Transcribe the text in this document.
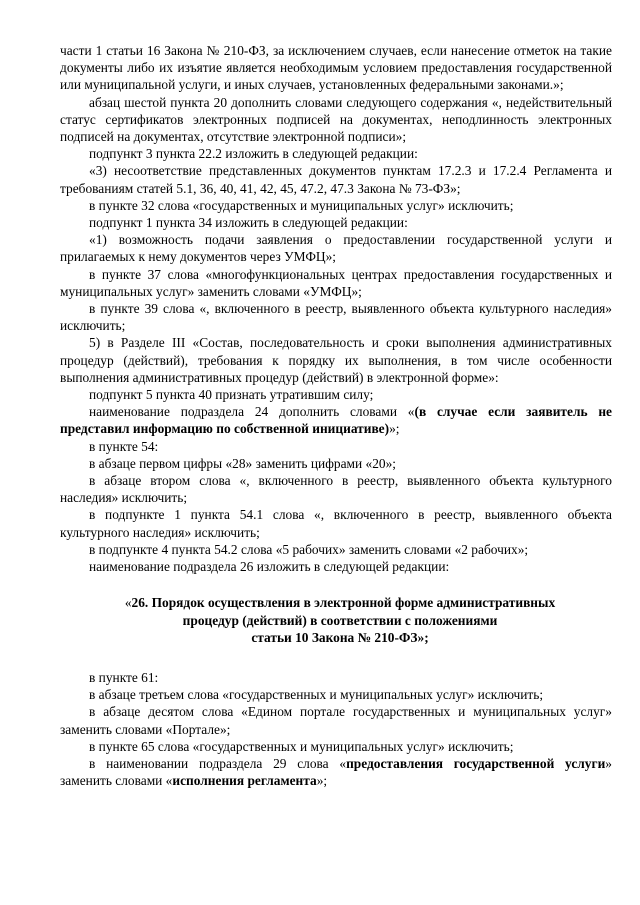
части 1 статьи 16 Закона № 210-ФЗ, за исключением случаев, если нанесение отметок на такие документы либо их изъятие является необходимым условием предоставления государственной или муниципальной услуги, и иных случаев, установленных федеральными законами.»;

абзац шестой пункта 20 дополнить словами следующего содержания «, недействительный статус сертификатов электронных подписей на документах, неподлинность электронных подписей на документах, отсутствие электронной подписи»;

подпункт 3 пункта 22.2 изложить в следующей редакции:

«3) несоответствие представленных документов пунктам 17.2.3 и 17.2.4 Регламента и требованиям статей 5.1, 36, 40, 41, 42, 45, 47.2, 47.3 Закона № 73-ФЗ»;

в пункте 32 слова «государственных и муниципальных услуг» исключить;

подпункт 1 пункта 34 изложить в следующей редакции:

«1) возможность подачи заявления о предоставлении государственной услуги и прилагаемых к нему документов через УМФЦ»;

в пункте 37 слова «многофункциональных центрах предоставления государственных и муниципальных услуг» заменить словами «УМФЦ»;

в пункте 39 слова «, включенного в реестр, выявленного объекта культурного наследия» исключить;

5) в Разделе III «Состав, последовательность и сроки выполнения административных процедур (действий), требования к порядку их выполнения, в том числе особенности выполнения административных процедур (действий) в электронной форме»:

подпункт 5 пункта 40 признать утратившим силу;

наименование подраздела 24 дополнить словами «(в случае если заявитель не представил информацию по собственной инициативе)»;

в пункте 54:

в абзаце первом цифры «28» заменить цифрами «20»;

в абзаце втором слова «, включенного в реестр, выявленного объекта культурного наследия» исключить;

в подпункте 1 пункта 54.1 слова «, включенного в реестр, выявленного объекта культурного наследия» исключить;

в подпункте 4 пункта 54.2 слова «5 рабочих» заменить словами «2 рабочих»;

наименование подраздела 26 изложить в следующей редакции:

«26. Порядок осуществления в электронной форме административных
процедур (действий) в соответствии с положениями
статьи 10 Закона № 210-ФЗ»;

в пункте 61:

в абзаце третьем слова «государственных и муниципальных услуг» исключить;

в абзаце десятом слова «Едином портале государственных и муниципальных услуг» заменить словами «Портале»;

в пункте 65 слова «государственных и муниципальных услуг» исключить;

в наименовании подраздела 29 слова «предоставления государственной услуги» заменить словами «исполнения регламента»;
